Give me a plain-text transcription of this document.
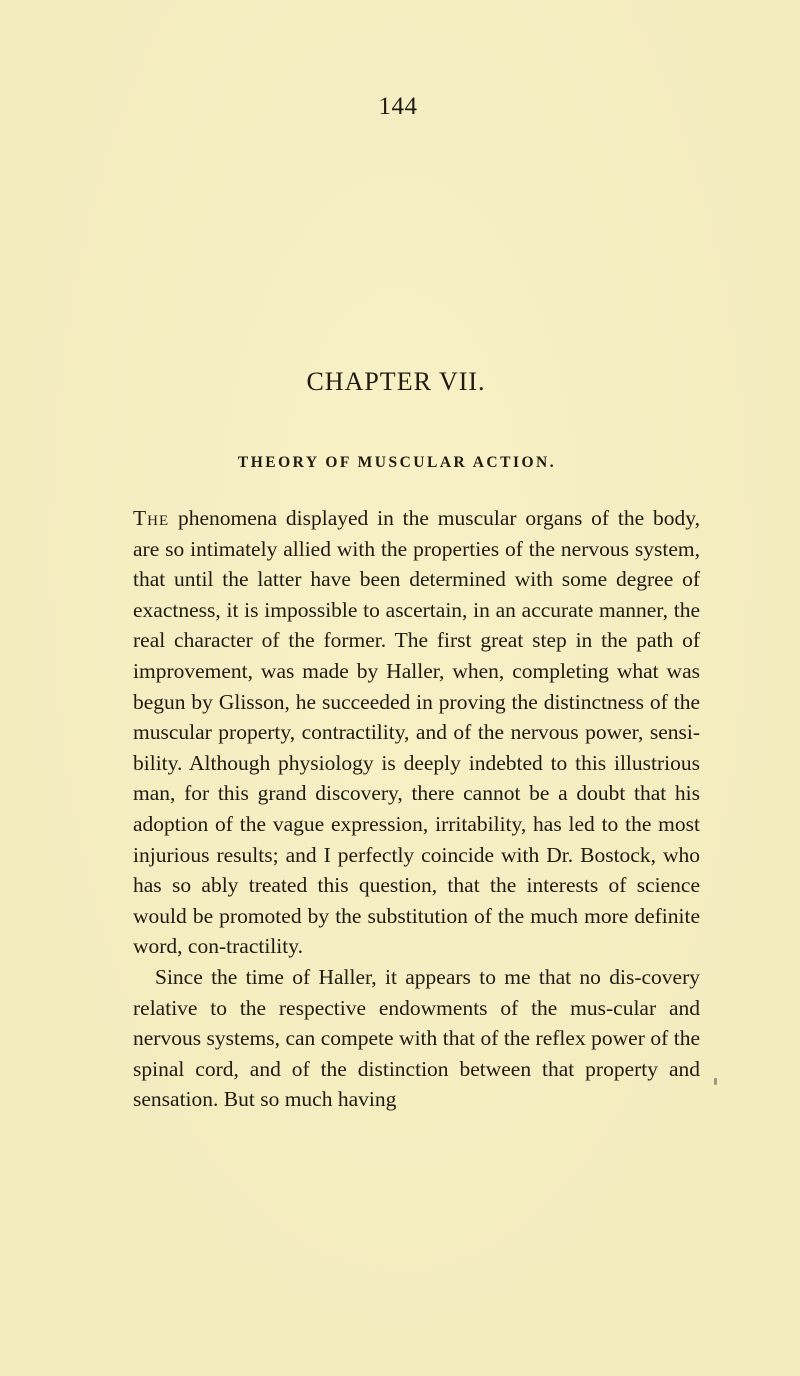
144
CHAPTER VII.
THEORY OF MUSCULAR ACTION.

The phenomena displayed in the muscular organs of the body, are so intimately allied with the properties of the nervous system, that until the latter have been determined with some degree of exactness, it is impossible to ascertain, in an accurate manner, the real character of the former. The first great step in the path of improvement, was made by Haller, when, completing what was begun by Glisson, he succeeded in proving the distinctness of the muscular property, contractility, and of the nervous power, sensi-bility. Although physiology is deeply indebted to this illustrious man, for this grand discovery, there cannot be a doubt that his adoption of the vague expression, irritability, has led to the most injurious results; and I perfectly coincide with Dr. Bostock, who has so ably treated this question, that the interests of science would be promoted by the substitution of the much more definite word, con-tractility.

Since the time of Haller, it appears to me that no dis-covery relative to the respective endowments of the mus-cular and nervous systems, can compete with that of the reflex power of the spinal cord, and of the distinction between that property and sensation. But so much having
